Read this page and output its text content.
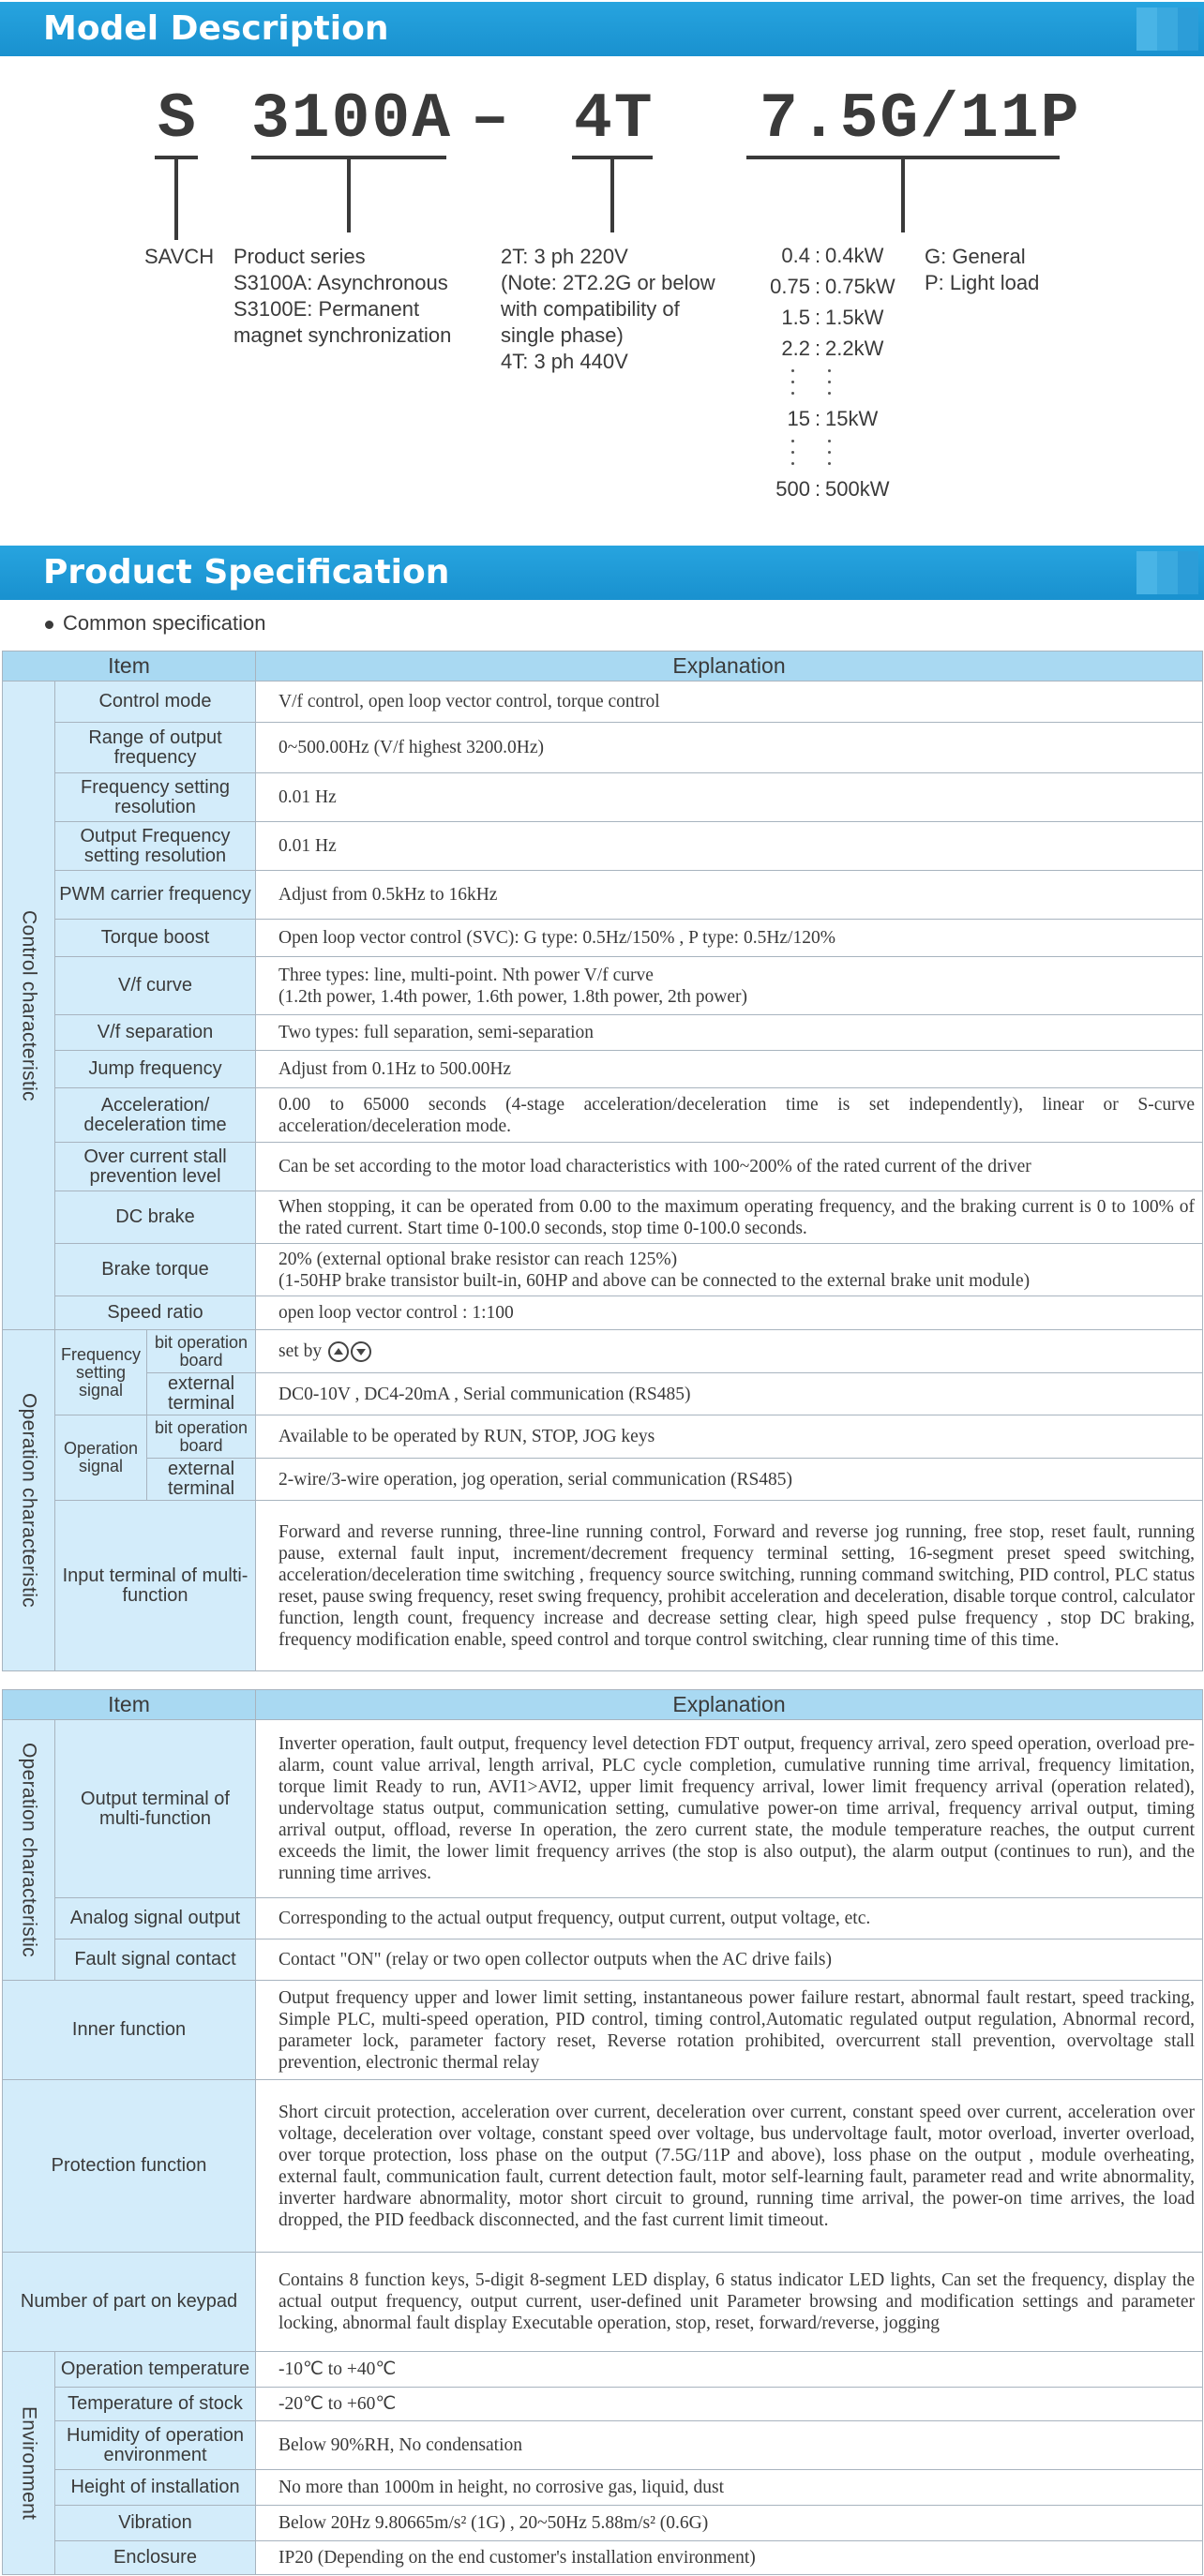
Model Description
S 3100A – 4T 7.5G/11P
SAVCH Product series
S3100A: Asynchronous
S3100E: Permanent
magnet synchronization
2T: 3 ph 220V
(Note: 2T2.2G or below
with compatibility of
single phase)
4T: 3 ph 440V
0.4 : 0.4kW
0.75 : 0.75kW
1.5 : 1.5kW
2.2 : 2.2kW
15 : 15kW
500 : 500kW
G: General
P: Light load
Product Specification
Common specification
Item			Explanation

Control characteristic	Control mode		V/f control, open loop vector control, torque control
	Range of output frequency		0~500.00Hz (V/f highest 3200.0Hz)
	Frequency setting resolution		0.01 Hz
	Output Frequency setting resolution		0.01 Hz
	PWM carrier frequency		Adjust from 0.5kHz to 16kHz
	Torque boost		Open loop vector control (SVC): G type: 0.5Hz/150% , P type: 0.5Hz/120%
	V/f curve		Three types: line, multi-point. Nth power V/f curve
(1.2th power, 1.4th power, 1.6th power, 1.8th power, 2th power)

	V/f separation		Two types: full separation, semi-separation
	Jump frequency		Adjust from 0.1Hz to 500.00Hz
	Acceleration/ deceleration time		0.00 to 65000 seconds (4-stage acceleration/deceleration time is set independently), linear or S-curve acceleration/deceleration mode.
	Over current stall prevention level		Can be set according to the motor load characteristics with 100~200% of the rated current of the driver
	DC brake		When stopping, it can be operated from 0.00 to the maximum operating frequency, and the braking current is 0 to 100% of the rated current. Start time 0-100.0 seconds, stop time 0-100.0 seconds.
	Brake torque		20% (external optional brake resistor can reach 125%)
(1-50HP brake transistor built-in, 60HP and above can be connected to the external brake unit module)

	Speed ratio		open loop vector control : 1:100

Operation characteristic	Frequency setting signal	bit operation board	set by
		external terminal	DC0-10V , DC4-20mA , Serial communication (RS485)
	Operation signal	bit operation board	Available to be operated by RUN, STOP, JOG keys
		external terminal	2-wire/3-wire operation, jog operation, serial communication (RS485)
	Input terminal of multi-function		Forward and reverse running, three-line running control, Forward and reverse jog running, free stop, reset fault, running pause, external fault input, increment/decrement frequency terminal setting, 16-segment preset speed switching, acceleration/deceleration time switching , frequency source switching, running command switching, PID control, PLC status reset, pause swing frequency, reset swing frequency, prohibit acceleration and deceleration, disable torque control, calculator function, length count, frequency increase and decrease setting clear, high speed pulse frequency , stop DC braking, frequency modification enable, speed control and torque control switching, clear running time of this time.
Item		Explanation

Operation characteristic	Output terminal of multi-function	Inverter operation, fault output, frequency level detection FDT output, frequency arrival, zero speed operation, overload pre-alarm, count value arrival, length arrival, PLC cycle completion, cumulative running time arrival, frequency limitation, torque limit Ready to run, AVI1>AVI2, upper limit frequency arrival, lower limit frequency arrival (operation related), undervoltage status output, communication setting, cumulative power-on time arrival, frequency arrival output, timing arrival output, offload, reverse In operation, the zero current state, the module temperature reaches, the output current exceeds the limit, the lower limit frequency arrives (the stop is also output), the alarm output (continues to run), and the running time arrives.
	Analog signal output	Corresponding to the actual output frequency, output current, output voltage, etc.
	Fault signal contact	Contact "ON" (relay or two open collector outputs when the AC drive fails)
Inner function		Output frequency upper and lower limit setting, instantaneous power failure restart, abnormal fault restart, speed tracking, Simple PLC, multi-speed operation, PID control, timing control,Automatic regulated output regulation, Abnormal record, parameter lock, parameter factory reset, Reverse rotation prohibited, overcurrent stall prevention, overvoltage stall prevention, electronic thermal relay
Protection function		Short circuit protection, acceleration over current, deceleration over current, constant speed over current, acceleration over voltage, deceleration over voltage, constant speed over voltage, bus undervoltage fault, motor overload, inverter overload, over torque protection, loss phase on the output (7.5G/11P and above), loss phase on the output , module overheating, external fault, communication fault, current detection fault, motor self-learning fault, parameter read and write abnormality, inverter hardware abnormality, motor short circuit to ground, running time arrival, the power-on time arrives, the load dropped, the PID feedback disconnected, and the fast current limit timeout.
Number of part on keypad		Contains 8 function keys, 5-digit 8-segment LED display, 6 status indicator LED lights, Can set the frequency, display the actual output frequency, output current, user-defined unit Parameter browsing and modification settings and parameter locking, abnormal fault display Executable operation, stop, reset, forward/reverse, jogging

Environment	Operation temperature	-10℃ to +40℃
	Temperature of stock	-20℃ to +60℃
	Humidity of operation environment	Below 90%RH, No condensation
	Height of installation	No more than 1000m in height, no corrosive gas, liquid, dust
	Vibration	Below 20Hz 9.80665m/s² (1G) , 20~50Hz 5.88m/s² (0.6G)
	Enclosure	IP20 (Depending on the end customer's installation environment)
